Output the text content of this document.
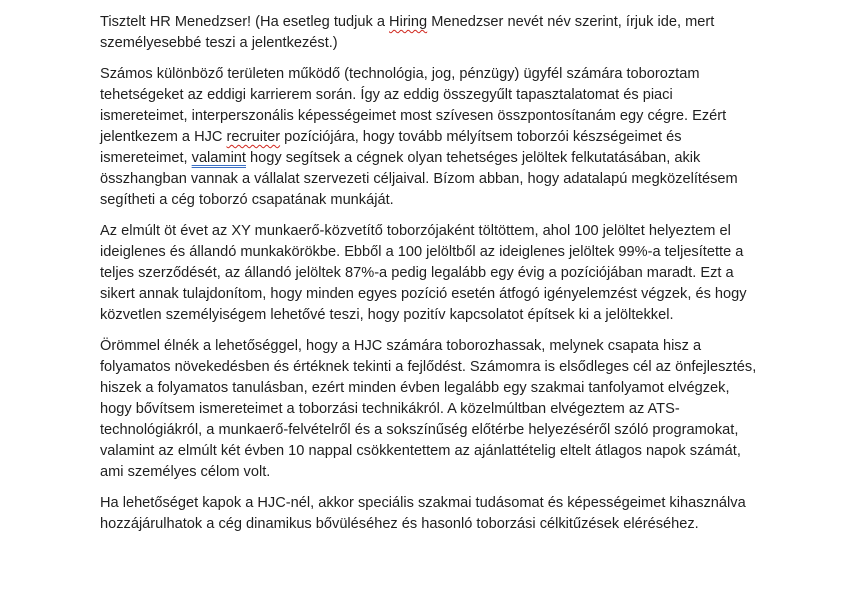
Tisztelt HR Menedzser! (Ha esetleg tudjuk a Hiring Menedzser nevét név szerint, írjuk ide, mert személyesebbé teszi a jelentkezést.)

Számos különböző területen működő (technológia, jog, pénzügy) ügyfél számára toboroztam tehetségeket az eddigi karrierem során. Így az eddig összegyűlt tapasztalatomat és piaci ismereteimet, interperszonális képességeimet most szívesen összpontosítanám egy cégre. Ezért jelentkezem a HJC recruiter pozíciójára, hogy tovább mélyítsem toborzói készségeimet és ismereteimet, valamint hogy segítsek a cégnek olyan tehetséges jelöltek felkutatásában, akik összhangban vannak a vállalat szervezeti céljaival. Bízom abban, hogy adatalapú megközelítésem segítheti a cég toborzó csapatának munkáját.

Az elmúlt öt évet az XY munkaerő-közvetítő toborzójaként töltöttem, ahol 100 jelöltet helyeztem el ideiglenes és állandó munkakörökbe. Ebből a 100 jelöltből az ideiglenes jelöltek 99%-a teljesítette a teljes szerződését, az állandó jelöltek 87%-a pedig legalább egy évig a pozíciójában maradt. Ezt a sikert annak tulajdonítom, hogy minden egyes pozíció esetén átfogó igényelemzést végzek, és hogy közvetlen személyiségem lehetővé teszi, hogy pozitív kapcsolatot építsek ki a jelöltekkel.

Örömmel élnék a lehetőséggel, hogy a HJC számára toborozhassak, melynek csapata hisz a folyamatos növekedésben és értéknek tekinti a fejlődést. Számomra is elsődleges cél az önfejlesztés, hiszek a folyamatos tanulásban, ezért minden évben legalább egy szakmai tanfolyamot elvégzek, hogy bővítsem ismereteimet a toborzási technikákról. A közelmúltban elvégeztem az ATS-technológiákról, a munkaerő-felvételről és a sokszínűség előtérbe helyezéséről szóló programokat, valamint az elmúlt két évben 10 nappal csökkentettem az ajánlattételig eltelt átlagos napok számát, ami személyes célom volt.

Ha lehetőséget kapok a HJC-nél, akkor speciális szakmai tudásomat és képességeimet kihasználva hozzájárulhatok a cég dinamikus bővüléséhez és hasonló toborzási célkitűzések eléréséhez.
